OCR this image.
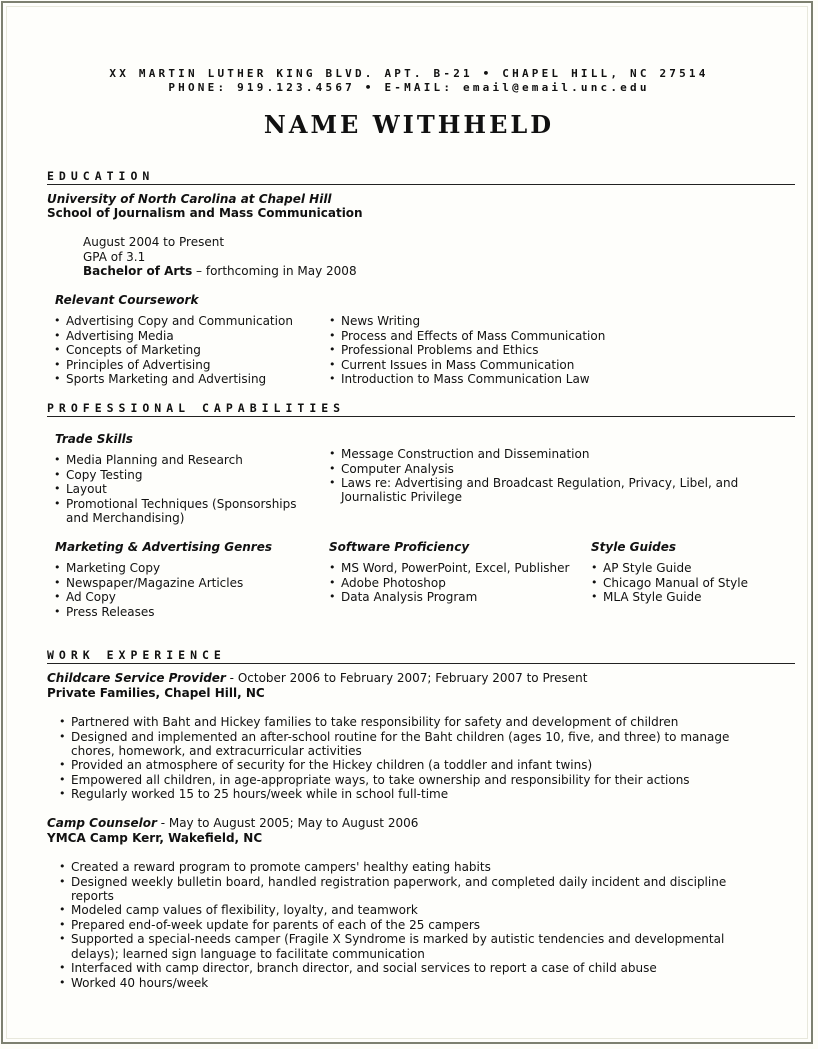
XX MARTIN LUTHER KING BLVD. APT. B-21 • CHAPEL HILL, NC 27514
PHONE: 919.123.4567 • E-MAIL: email@email.unc.edu
NAME WITHHELD
EDUCATION
University of North Carolina at Chapel Hill
School of Journalism and Mass Communication
August 2004 to Present
GPA of 3.1
Bachelor of Arts – forthcoming in May 2008
Relevant Coursework
• Advertising Copy and Communication
• Advertising Media
• Concepts of Marketing
• Principles of Advertising
• Sports Marketing and Advertising
• News Writing
• Process and Effects of Mass Communication
• Professional Problems and Ethics
• Current Issues in Mass Communication
• Introduction to Mass Communication Law
PROFESSIONAL CAPABILITIES
Trade Skills
• Media Planning and Research
• Copy Testing
• Layout
• Promotional Techniques (Sponsorships
and Merchandising)
• Message Construction and Dissemination
• Computer Analysis
• Laws re: Advertising and Broadcast Regulation, Privacy, Libel, and
Journalistic Privilege
Marketing & Advertising Genres
• Marketing Copy
• Newspaper/Magazine Articles
• Ad Copy
• Press Releases
Software Proficiency
• MS Word, PowerPoint, Excel, Publisher
• Adobe Photoshop
• Data Analysis Program
Style Guides
• AP Style Guide
• Chicago Manual of Style
• MLA Style Guide
WORK EXPERIENCE
Childcare Service Provider - October 2006 to February 2007; February 2007 to Present
Private Families, Chapel Hill, NC
• Partnered with Baht and Hickey families to take responsibility for safety and development of children
• Designed and implemented an after-school routine for the Baht children (ages 10, five, and three) to manage
chores, homework, and extracurricular activities
• Provided an atmosphere of security for the Hickey children (a toddler and infant twins)
• Empowered all children, in age-appropriate ways, to take ownership and responsibility for their actions
• Regularly worked 15 to 25 hours/week while in school full-time
Camp Counselor - May to August 2005; May to August 2006
YMCA Camp Kerr, Wakefield, NC
• Created a reward program to promote campers' healthy eating habits
• Designed weekly bulletin board, handled registration paperwork, and completed daily incident and discipline
reports
• Modeled camp values of flexibility, loyalty, and teamwork
• Prepared end-of-week update for parents of each of the 25 campers
• Supported a special-needs camper (Fragile X Syndrome is marked by autistic tendencies and developmental
delays); learned sign language to facilitate communication
• Interfaced with camp director, branch director, and social services to report a case of child abuse
• Worked 40 hours/week
